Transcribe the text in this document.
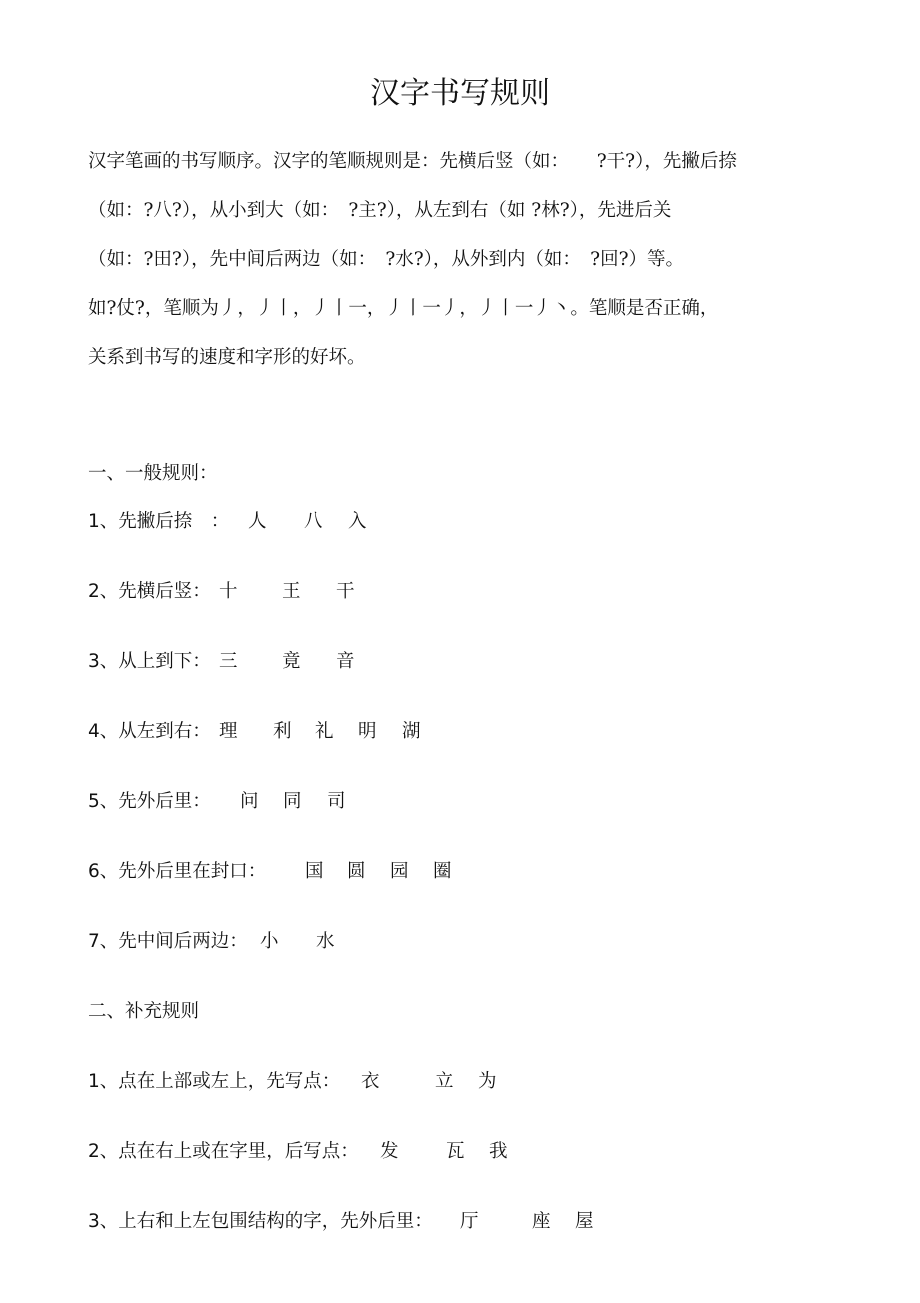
汉字书写规则
汉字笔画的书写顺序。汉字的笔顺规则是：先横后竖（如：　　?干?），先撇后捺
（如：?八?），从小到大（如：　?主?），从左到右（如 ?林?），先进后关
（如：?田?），先中间后两边（如：　?水?），从外到内（如：　?回?）等。
如?仗?，笔顺为丿，丿丨，丿丨一，丿丨一丿，丿丨一丿丶。笔顺是否正确，
关系到书写的速度和字形的好坏。
一、一般规则：
1、先撇后捺　： 人 八 入
2、先横后竖： 十 王 干
3、从上到下： 三 竟 音
4、从左到右： 理 利 礼 明 湖
5、先外后里： 问 同 司
6、先外后里在封口： 国 圆 园 圈
7、先中间后两边： 小 水
二、补充规则
1、点在上部或左上，先写点： 衣	立 为
2、点在右上或在字里，后写点： 发	瓦 我
3、上右和上左包围结构的字，先外后里： 厅	座 屋
